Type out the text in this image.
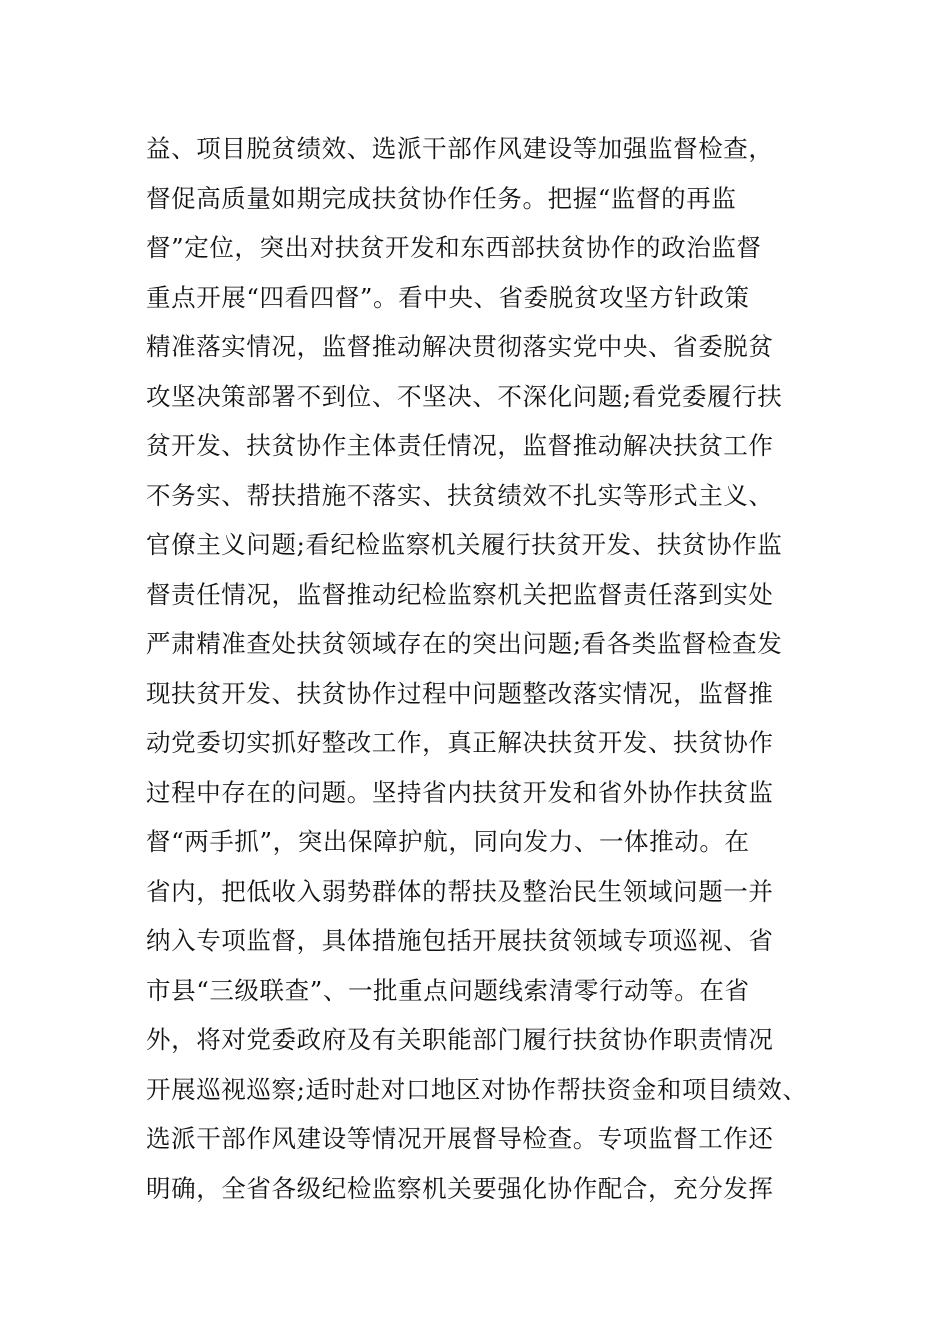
益、项目脱贫绩效、选派干部作风建设等加强监督检查，
督促高质量如期完成扶贫协作任务。把握“监督的再监
督”定位，突出对扶贫开发和东西部扶贫协作的政治监督
重点开展“四看四督”。看中央、省委脱贫攻坚方针政策
精准落实情况，监督推动解决贯彻落实党中央、省委脱贫
攻坚决策部署不到位、不坚决、不深化问题;看党委履行扶
贫开发、扶贫协作主体责任情况，监督推动解决扶贫工作
不务实、帮扶措施不落实、扶贫绩效不扎实等形式主义、
官僚主义问题;看纪检监察机关履行扶贫开发、扶贫协作监
督责任情况，监督推动纪检监察机关把监督责任落到实处
严肃精准查处扶贫领域存在的突出问题;看各类监督检查发
现扶贫开发、扶贫协作过程中问题整改落实情况，监督推
动党委切实抓好整改工作，真正解决扶贫开发、扶贫协作
过程中存在的问题。坚持省内扶贫开发和省外协作扶贫监
督“两手抓”，突出保障护航，同向发力、一体推动。在
省内，把低收入弱势群体的帮扶及整治民生领域问题一并
纳入专项监督，具体措施包括开展扶贫领域专项巡视、省
市县“三级联查”、一批重点问题线索清零行动等。在省
外，将对党委政府及有关职能部门履行扶贫协作职责情况
开展巡视巡察;适时赴对口地区对协作帮扶资金和项目绩效、
选派干部作风建设等情况开展督导检查。专项监督工作还
明确，全省各级纪检监察机关要强化协作配合，充分发挥
